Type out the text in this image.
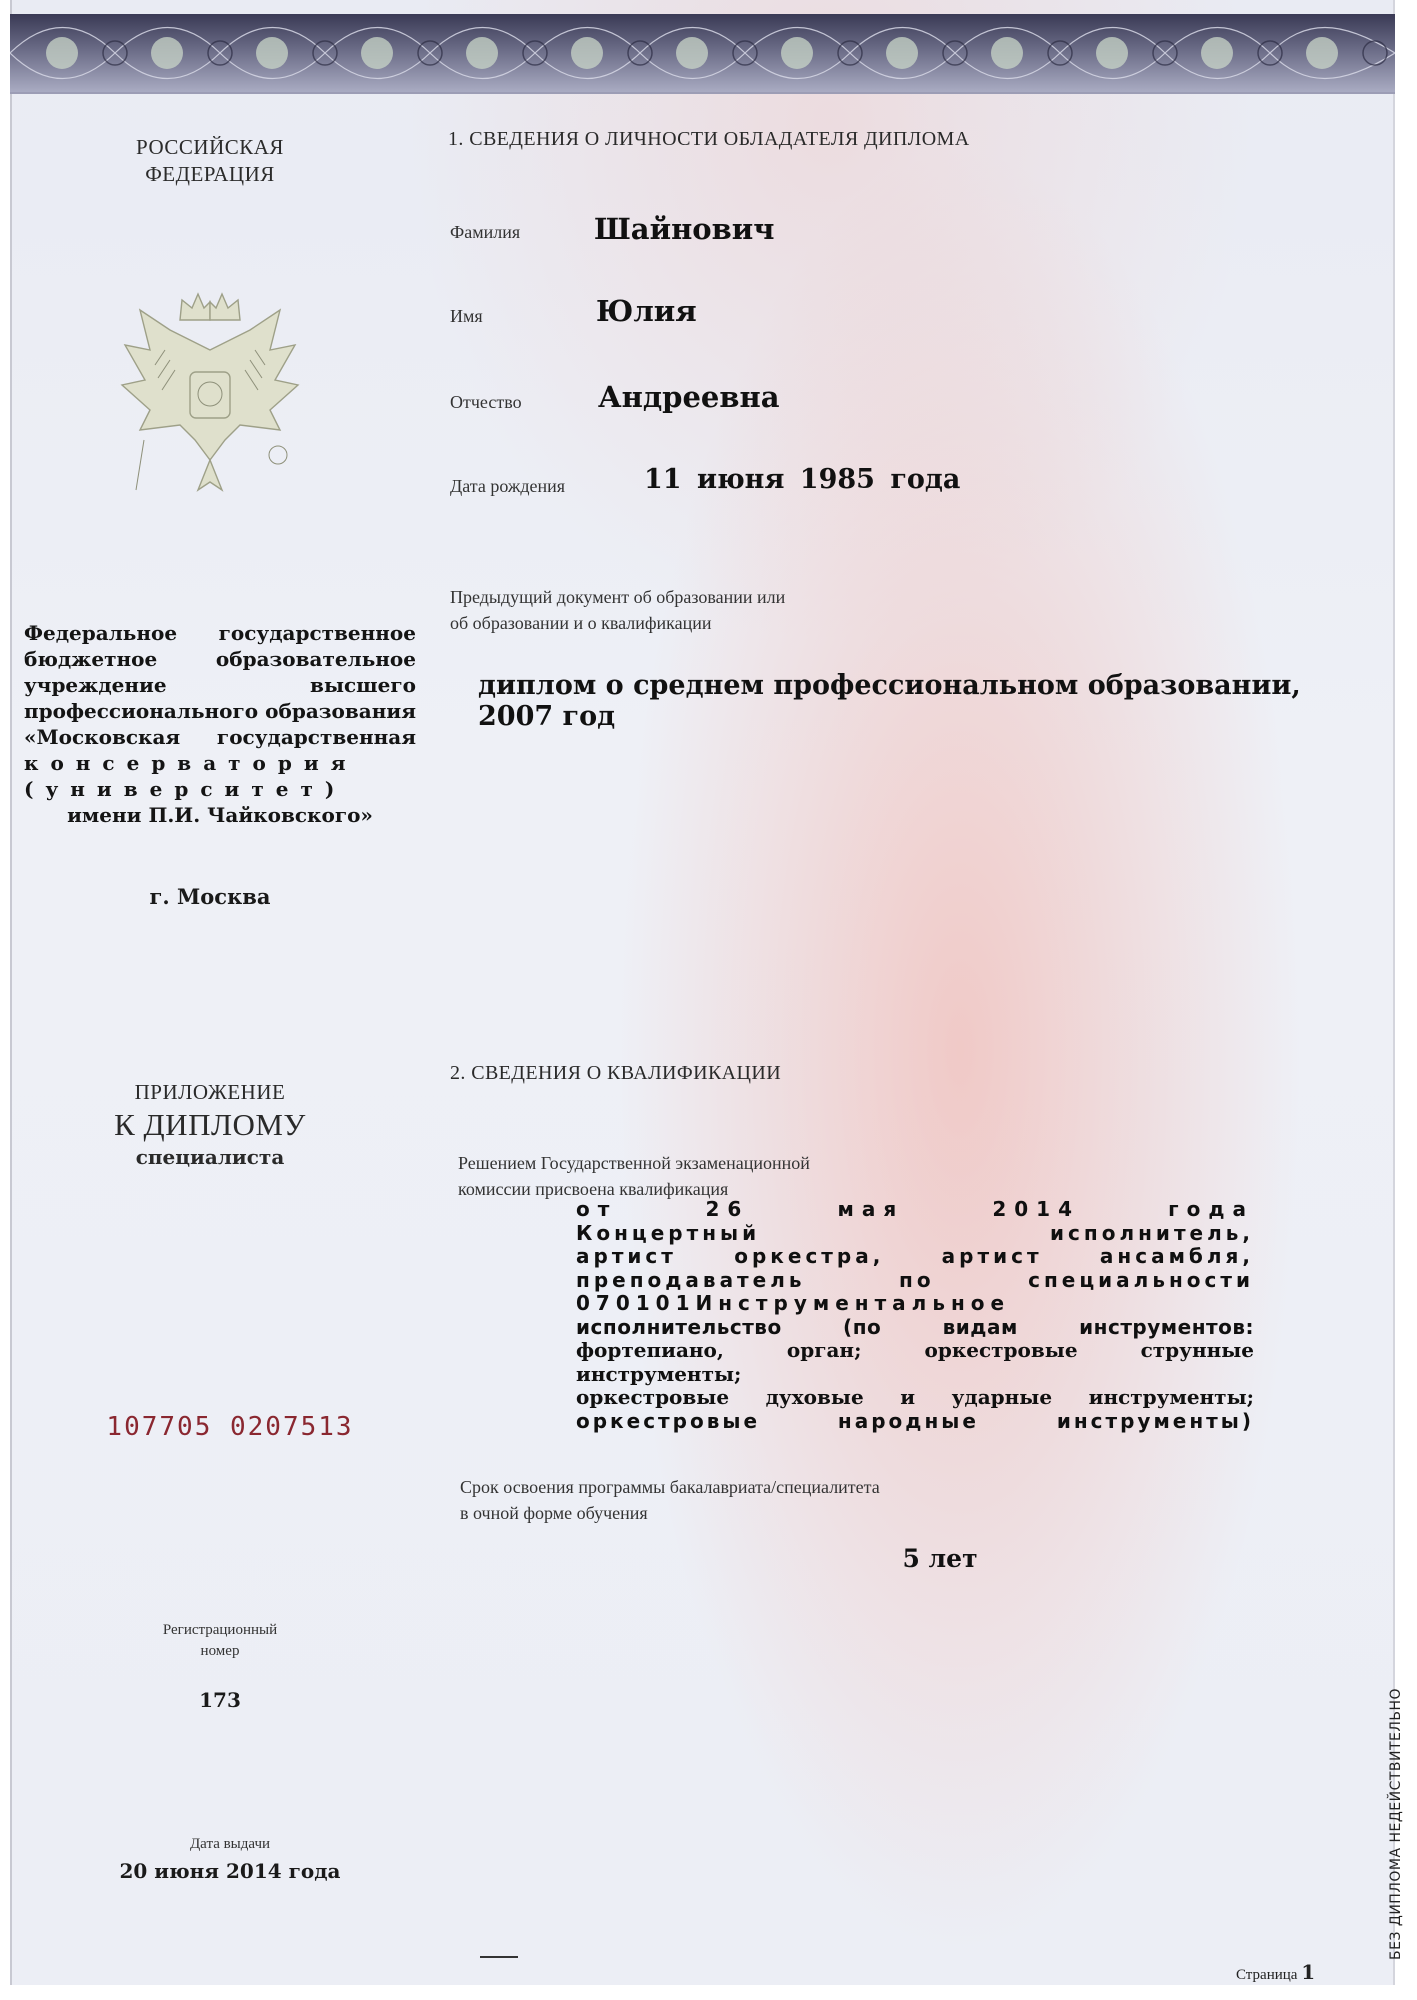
РОССИЙСКАЯ
ФЕДЕРАЦИЯ
Федеральное государственное
бюджетное образовательное
учреждение высшего
профессионального образования
«Московская государственная
консерватория
(университет)
имени П.И. Чайковского»
г. Москва
ПРИЛОЖЕНИЕ
К ДИПЛОМУ
специалиста
107705 0207513
Регистрационный
номер
173
Дата выдачи
20 июня 2014 года
1. СВЕДЕНИЯ О ЛИЧНОСТИ ОБЛАДАТЕЛЯ ДИПЛОМА
Фамилия	Шайнович
Имя	Юлия
Отчество	Андреевна
Дата рождения	11 июня 1985 года
Предыдущий документ об образовании или
об образовании и о квалификации
диплом о среднем профессиональном образовании, 2007 год
2. СВЕДЕНИЯ О КВАЛИФИКАЦИИ
Решением Государственной экзаменационной
комиссии присвоена квалификация
от 26 мая 2014 года
Концертный исполнитель,
артист оркестра, артист ансамбля,
преподаватель по специальности
070101Инструментальное
исполнительство (по видам инструментов:
фортепиано, орган; оркестровые струнные инструменты;
оркестровые духовые и ударные инструменты;
оркестровые народные инструменты)
Срок освоения программы бакалавриата/специалитета
в очной форме обучения
5 лет
Страница 1
БЕЗ ДИПЛОМА НЕДЕЙСТВИТЕЛЬНО
